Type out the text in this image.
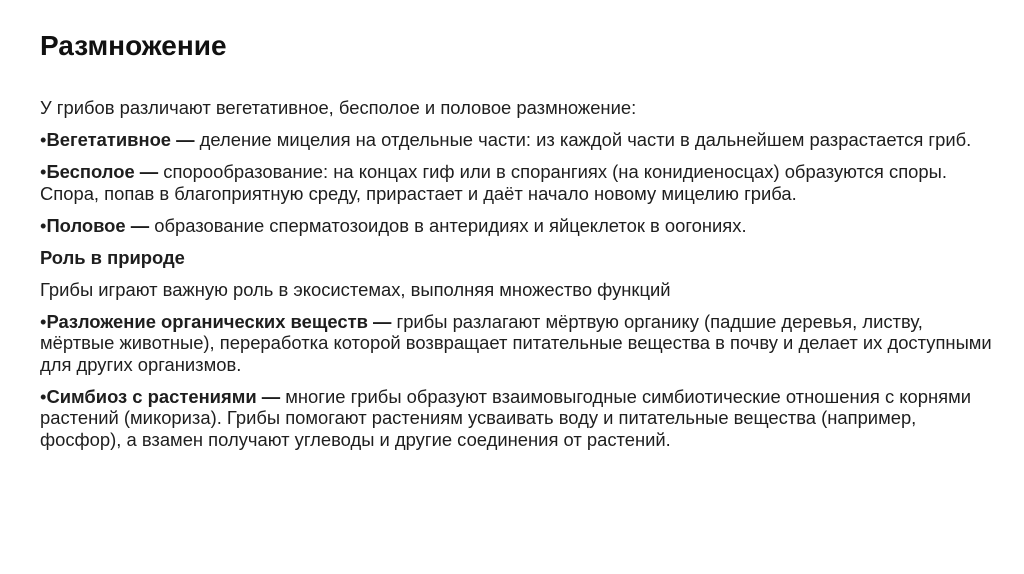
Размножение

У грибов различают вегетативное, бесполое и половое размножение:

•Вегетативное — деление мицелия на отдельные части: из каждой части в дальнейшем разрастается гриб.

•Бесполое — спорообразование: на концах гиф или в спорангиях (на конидиеносцах) образуются споры. Спора, попав в благоприятную среду, прирастает и даёт начало новому мицелию гриба.

•Половое — образование сперматозоидов в антеридиях и яйцеклеток в оогониях.

Роль в природе

Грибы играют важную роль в экосистемах, выполняя множество функций

•Разложение органических веществ — грибы разлагают мёртвую органику (падшие деревья, листву, мёртвые животные), переработка которой возвращает питательные вещества в почву и делает их доступными для других организмов.

•Симбиоз с растениями — многие грибы образуют взаимовыгодные симбиотические отношения с корнями растений (микориза). Грибы помогают растениям усваивать воду и питательные вещества (например, фосфор), а взамен получают углеводы и другие соединения от растений.
